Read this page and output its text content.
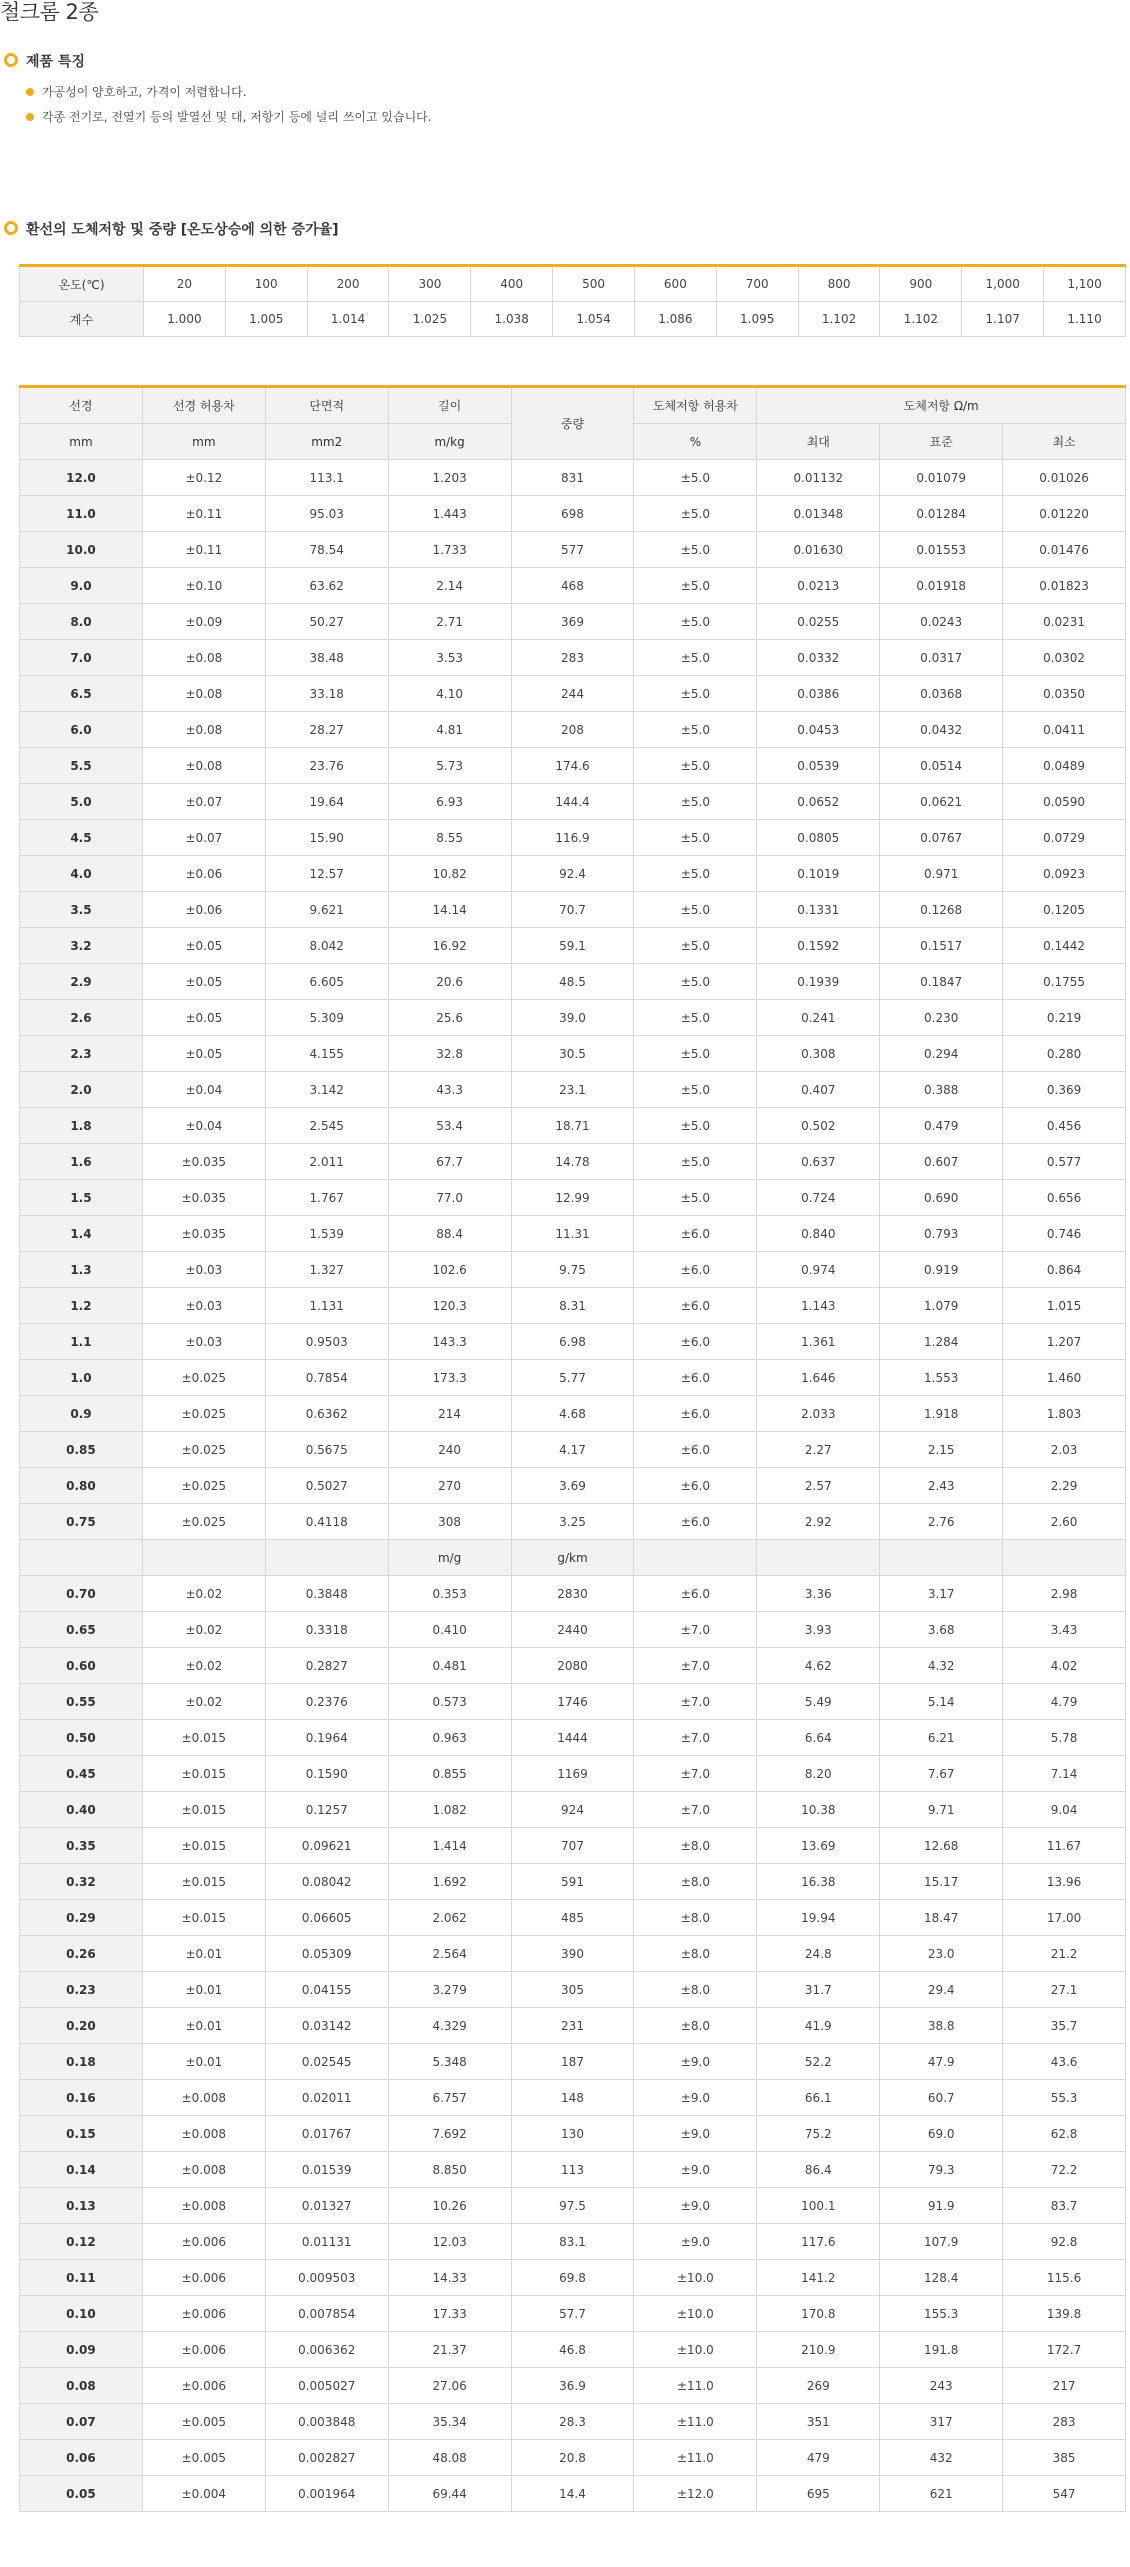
철크롬 2종
제품 특징
가공성이 양호하고, 가격이 저렴합니다.
각종 전기로, 전열기 등의 발열선 및 대, 저항기 등에 널리 쓰이고 있습니다.
환선의 도체저항 및 중량 [온도상승에 의한 증가율]
온도(℃)	20	100	200	300	400	500	600	700	800	900	1,000	1,100
계수	1.000	1.005	1.014	1.025	1.038	1.054	1.086	1.095	1.102	1.102	1.107	1.110
선경	선경 허용차	단면적	길이	중량	도체저항 허용차	도체저항 Ω/m		
mm	mm	mm2	m/kg		%	최대	표준	최소
12.0	±0.12	113.1	1.203	831	±5.0	0.01132	0.01079	0.01026
11.0	±0.11	95.03	1.443	698	±5.0	0.01348	0.01284	0.01220
10.0	±0.11	78.54	1.733	577	±5.0	0.01630	0.01553	0.01476
9.0	±0.10	63.62	2.14	468	±5.0	0.0213	0.01918	0.01823
8.0	±0.09	50.27	2.71	369	±5.0	0.0255	0.0243	0.0231
7.0	±0.08	38.48	3.53	283	±5.0	0.0332	0.0317	0.0302
6.5	±0.08	33.18	4.10	244	±5.0	0.0386	0.0368	0.0350
6.0	±0.08	28.27	4.81	208	±5.0	0.0453	0.0432	0.0411
5.5	±0.08	23.76	5.73	174.6	±5.0	0.0539	0.0514	0.0489
5.0	±0.07	19.64	6.93	144.4	±5.0	0.0652	0.0621	0.0590
4.5	±0.07	15.90	8.55	116.9	±5.0	0.0805	0.0767	0.0729
4.0	±0.06	12.57	10.82	92.4	±5.0	0.1019	0.971	0.0923
3.5	±0.06	9.621	14.14	70.7	±5.0	0.1331	0.1268	0.1205
3.2	±0.05	8.042	16.92	59.1	±5.0	0.1592	0.1517	0.1442
2.9	±0.05	6.605	20.6	48.5	±5.0	0.1939	0.1847	0.1755
2.6	±0.05	5.309	25.6	39.0	±5.0	0.241	0.230	0.219
2.3	±0.05	4.155	32.8	30.5	±5.0	0.308	0.294	0.280
2.0	±0.04	3.142	43.3	23.1	±5.0	0.407	0.388	0.369
1.8	±0.04	2.545	53.4	18.71	±5.0	0.502	0.479	0.456
1.6	±0.035	2.011	67.7	14.78	±5.0	0.637	0.607	0.577
1.5	±0.035	1.767	77.0	12.99	±5.0	0.724	0.690	0.656
1.4	±0.035	1.539	88.4	11.31	±6.0	0.840	0.793	0.746
1.3	±0.03	1.327	102.6	9.75	±6.0	0.974	0.919	0.864
1.2	±0.03	1.131	120.3	8.31	±6.0	1.143	1.079	1.015
1.1	±0.03	0.9503	143.3	6.98	±6.0	1.361	1.284	1.207
1.0	±0.025	0.7854	173.3	5.77	±6.0	1.646	1.553	1.460
0.9	±0.025	0.6362	214	4.68	±6.0	2.033	1.918	1.803
0.85	±0.025	0.5675	240	4.17	±6.0	2.27	2.15	2.03
0.80	±0.025	0.5027	270	3.69	±6.0	2.57	2.43	2.29
0.75	±0.025	0.4118	308	3.25	±6.0	2.92	2.76	2.60
			m/g	g/km				
0.70	±0.02	0.3848	0.353	2830	±6.0	3.36	3.17	2.98
0.65	±0.02	0.3318	0.410	2440	±7.0	3.93	3.68	3.43
0.60	±0.02	0.2827	0.481	2080	±7.0	4.62	4.32	4.02
0.55	±0.02	0.2376	0.573	1746	±7.0	5.49	5.14	4.79
0.50	±0.015	0.1964	0.963	1444	±7.0	6.64	6.21	5.78
0.45	±0.015	0.1590	0.855	1169	±7.0	8.20	7.67	7.14
0.40	±0.015	0.1257	1.082	924	±7.0	10.38	9.71	9.04
0.35	±0.015	0.09621	1.414	707	±8.0	13.69	12.68	11.67
0.32	±0.015	0.08042	1.692	591	±8.0	16.38	15.17	13.96
0.29	±0.015	0.06605	2.062	485	±8.0	19.94	18.47	17.00
0.26	±0.01	0.05309	2.564	390	±8.0	24.8	23.0	21.2
0.23	±0.01	0.04155	3.279	305	±8.0	31.7	29.4	27.1
0.20	±0.01	0.03142	4.329	231	±8.0	41.9	38.8	35.7
0.18	±0.01	0.02545	5.348	187	±9.0	52.2	47.9	43.6
0.16	±0.008	0.02011	6.757	148	±9.0	66.1	60.7	55.3
0.15	±0.008	0.01767	7.692	130	±9.0	75.2	69.0	62.8
0.14	±0.008	0.01539	8.850	113	±9.0	86.4	79.3	72.2
0.13	±0.008	0.01327	10.26	97.5	±9.0	100.1	91.9	83.7
0.12	±0.006	0.01131	12.03	83.1	±9.0	117.6	107.9	92.8
0.11	±0.006	0.009503	14.33	69.8	±10.0	141.2	128.4	115.6
0.10	±0.006	0.007854	17.33	57.7	±10.0	170.8	155.3	139.8
0.09	±0.006	0.006362	21.37	46.8	±10.0	210.9	191.8	172.7
0.08	±0.006	0.005027	27.06	36.9	±11.0	269	243	217
0.07	±0.005	0.003848	35.34	28.3	±11.0	351	317	283
0.06	±0.005	0.002827	48.08	20.8	±11.0	479	432	385
0.05	±0.004	0.001964	69.44	14.4	±12.0	695	621	547
